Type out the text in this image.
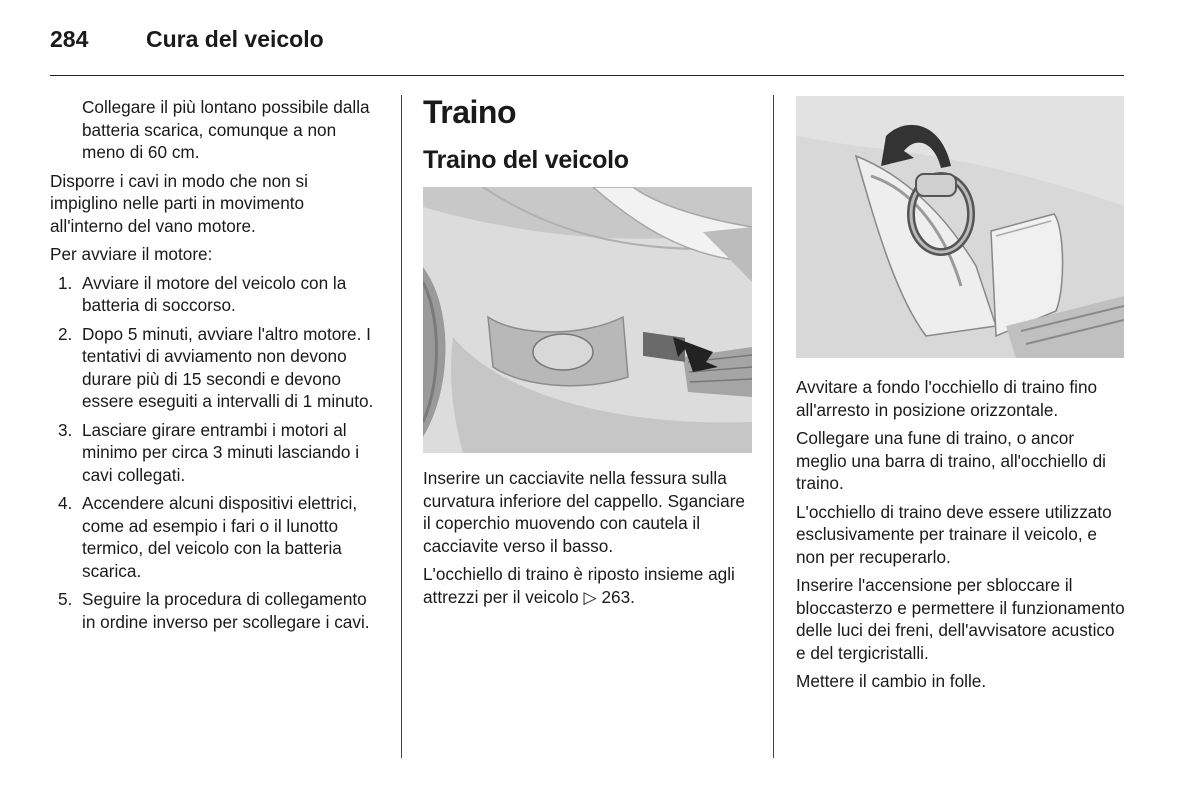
284	Cura del veicolo

Collegare il più lontano possibile dalla batteria scarica, comunque a non meno di 60 cm.

Disporre i cavi in modo che non si impiglino nelle parti in movimento all'interno del vano motore.

Per avviare il motore:

1. Avviare il motore del veicolo con la batteria di soccorso.
2. Dopo 5 minuti, avviare l'altro motore. I tentativi di avviamento non devono durare più di 15 secondi e devono essere eseguiti a intervalli di 1 minuto.
3. Lasciare girare entrambi i motori al minimo per circa 3 minuti lasciando i cavi collegati.
4. Accendere alcuni dispositivi elettrici, come ad esempio i fari o il lunotto termico, del veicolo con la batteria scarica.
5. Seguire la procedura di collegamento in ordine inverso per scollegare i cavi.
Traino
Traino del veicolo

Inserire un cacciavite nella fessura sulla curvatura inferiore del cappello. Sganciare il coperchio muovendo con cautela il cacciavite verso il basso.

L'occhiello di traino è riposto insieme agli attrezzi per il veicolo ▷ 263.

Avvitare a fondo l'occhiello di traino fino all'arresto in posizione orizzontale.

Collegare una fune di traino, o ancor meglio una barra di traino, all'occhiello di traino.

L'occhiello di traino deve essere utilizzato esclusivamente per trainare il veicolo, e non per recuperarlo.

Inserire l'accensione per sbloccare il bloccasterzo e permettere il funzionamento delle luci dei freni, dell'avvisatore acustico e del tergicristalli.

Mettere il cambio in folle.
